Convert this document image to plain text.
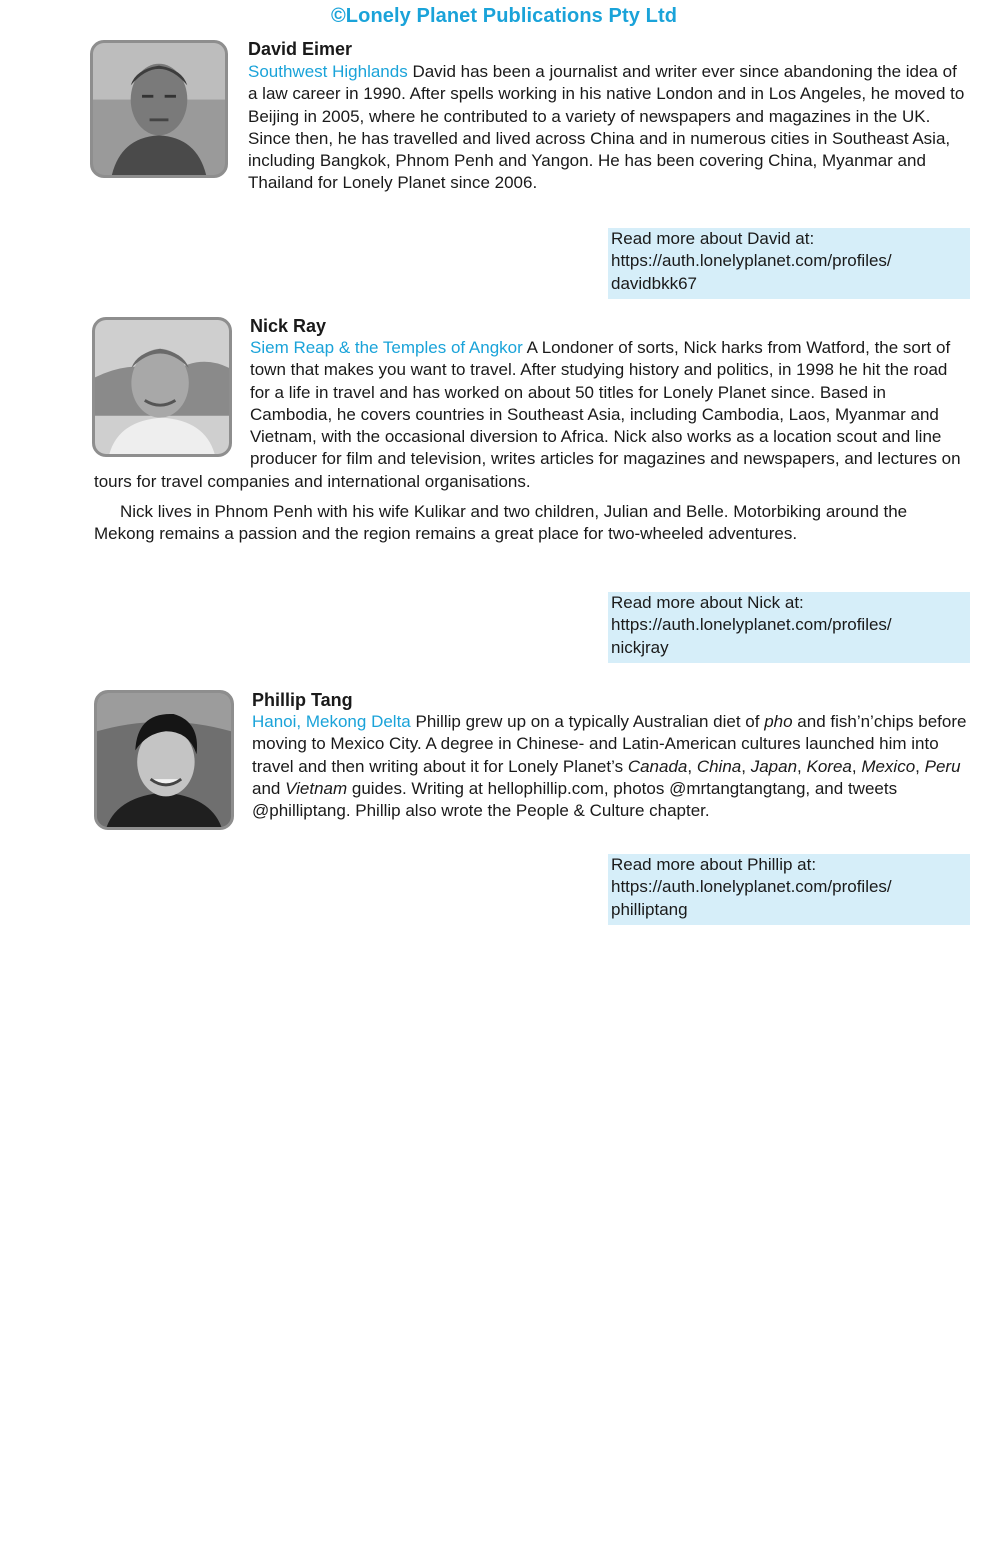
©Lonely Planet Publications Pty Ltd
David Eimer

Southwest Highlands David has been a journalist and writer ever since abandoning the idea of a law career in 1990. After spells working in his native London and in Los Angeles, he moved to Beijing in 2005, where he contributed to a variety of newspapers and magazines in the UK. Since then, he has travelled and lived across China and in numerous cities in Southeast Asia, including Bangkok, Phnom Penh and Yangon. He has been covering China, Myanmar and Thailand for Lonely Planet since 2006.

Read more about David at:
https://auth.lonelyplanet.com/profiles/
davidbkk67
Nick Ray

Siem Reap & the Temples of Angkor A Londoner of sorts, Nick harks from Watford, the sort of town that makes you want to travel. After studying history and politics, in 1998 he hit the road for a life in travel and has worked on about 50 titles for Lonely Planet since. Based in Cambodia, he covers countries in Southeast Asia, including Cambodia, Laos, Myanmar and Vietnam, with the occasional diversion to Africa. Nick also works as a location scout and line producer for film and television, writes articles for magazines and newspapers, and lectures on tours for travel companies and international organisations.

Nick lives in Phnom Penh with his wife Kulikar and two children, Julian and Belle. Motorbiking around the Mekong remains a passion and the region remains a great place for two-wheeled adventures.

Read more about Nick at:
https://auth.lonelyplanet.com/profiles/
nickjray
Phillip Tang

Hanoi, Mekong Delta Phillip grew up on a typically Australian diet of pho and fish’n’chips before moving to Mexico City. A degree in Chinese- and Latin-American cultures launched him into travel and then writing about it for Lonely Planet’s Canada, China, Japan, Korea, Mexico, Peru and Vietnam guides. Writing at hellophillip.com, photos @mrtangtangtang, and tweets @philliptang. Phillip also wrote the People & Culture chapter.

Read more about Phillip at:
https://auth.lonelyplanet.com/profiles/
philliptang
